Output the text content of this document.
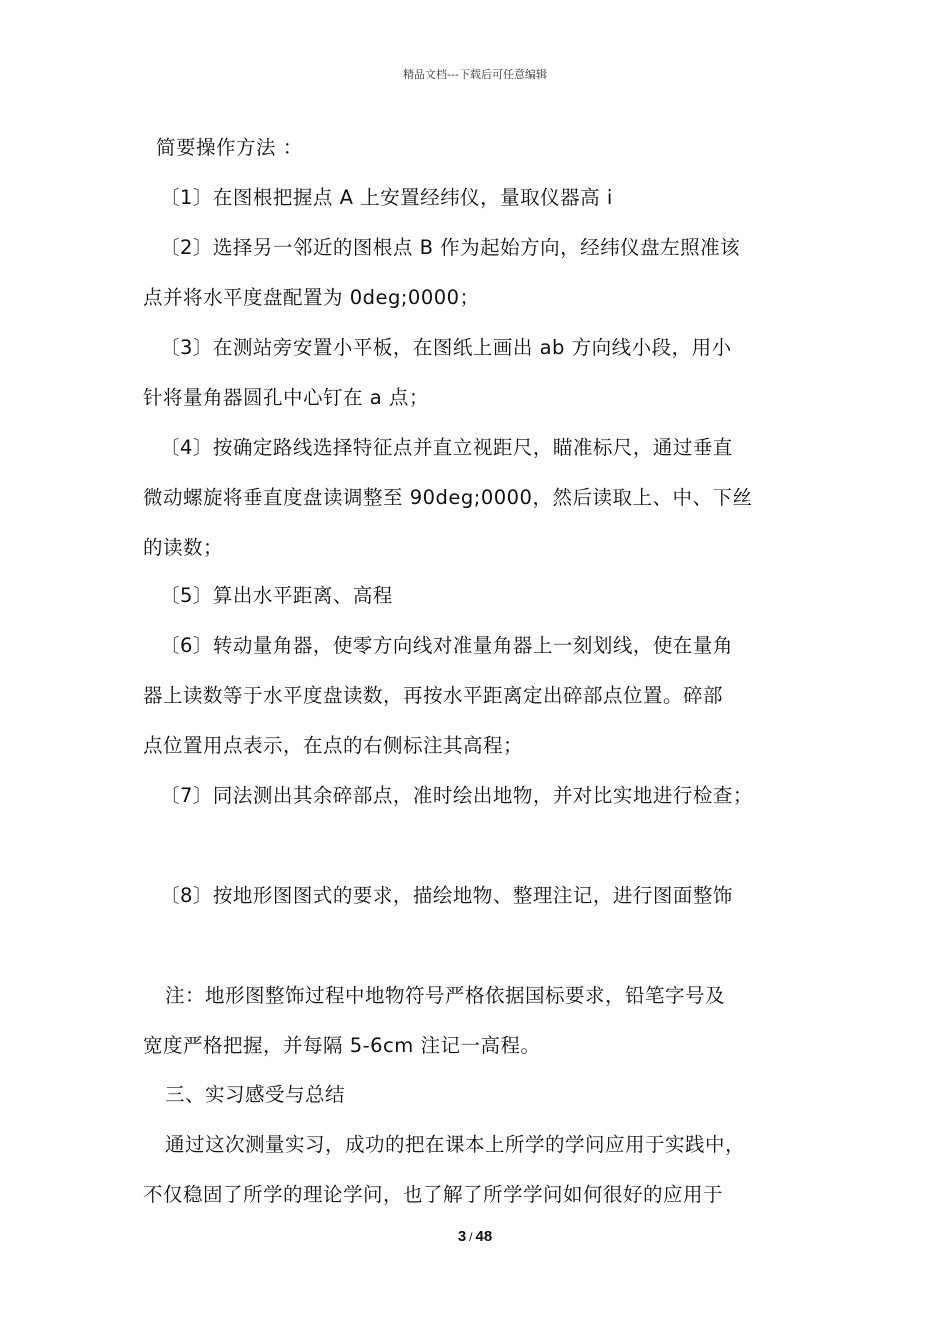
精品文档---下载后可任意编辑
简要操作方法 ：
〔1〕在图根把握点 A 上安置经纬仪，量取仪器高 i
〔2〕选择另一邻近的图根点 B 作为起始方向，经纬仪盘左照准该
点并将水平度盘配置为 0deg;0000；
〔3〕在测站旁安置小平板，在图纸上画出 ab 方向线小段，用小
针将量角器圆孔中心钉在 a 点；
〔4〕按确定路线选择特征点并直立视距尺，瞄准标尺，通过垂直
微动螺旋将垂直度盘读调整至 90deg;0000，然后读取上、中、下丝
的读数；
〔5〕算出水平距离、高程
〔6〕转动量角器，使零方向线对准量角器上一刻划线，使在量角
器上读数等于水平度盘读数，再按水平距离定出碎部点位置。碎部
点位置用点表示，在点的右侧标注其高程；
〔7〕同法测出其余碎部点，准时绘出地物，并对比实地进行检查；
〔8〕按地形图图式的要求，描绘地物、整理注记，进行图面整饰
注：地形图整饰过程中地物符号严格依据国标要求，铅笔字号及
宽度严格把握，并每隔 5-6cm 注记一高程。
三、实习感受与总结
通过这次测量实习，成功的把在课本上所学的学问应用于实践中，
不仅稳固了所学的理论学问，也了解了所学学问如何很好的应用于
3 / 48
